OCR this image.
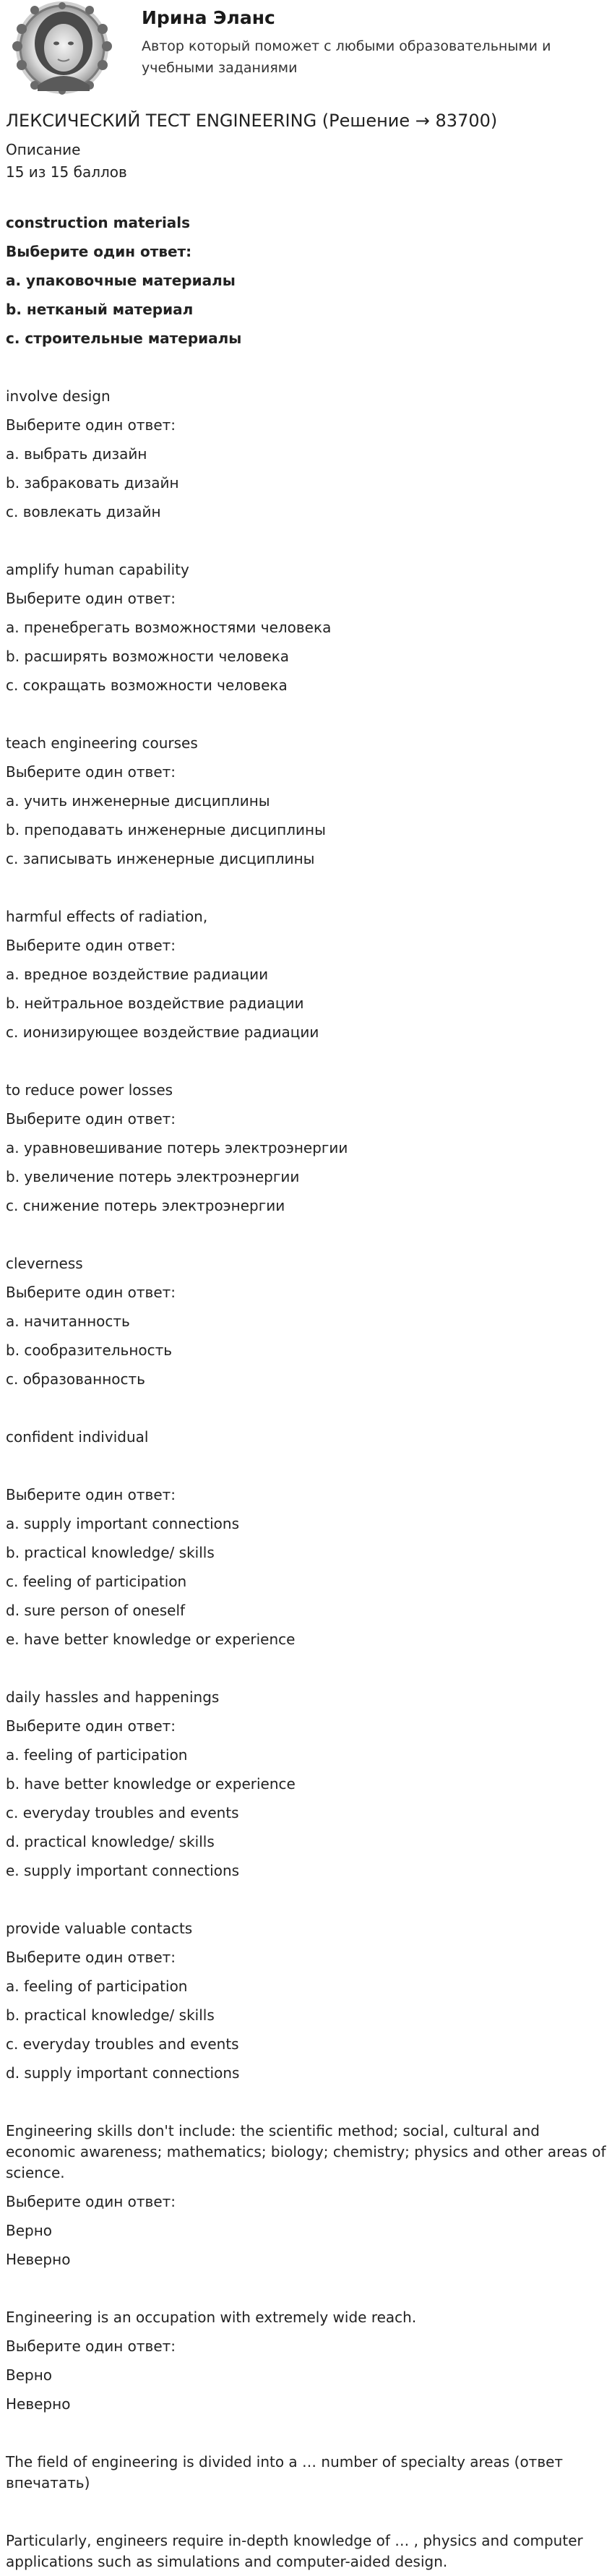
Ирина Эланс
Автор который поможет с любыми образовательными и учебными заданиями
ЛЕКСИЧЕСКИЙ ТЕСТ ENGINEERING (Решение → 83700)
Описание
15 из 15 баллов
construction materials
Выберите один ответ:
a. упаковочные материалы
b. нетканый материал
c. строительные материалы
involve design
Выберите один ответ:
a. выбрать дизайн
b. забраковать дизайн
c. вовлекать дизайн
amplify human capability
Выберите один ответ:
a. пренебрегать возможностями человека
b. расширять возможности человека
c. сокращать возможности человека
teach engineering courses
Выберите один ответ:
a. учить инженерные дисциплины
b. преподавать инженерные дисциплины
c. записывать инженерные дисциплины
harmful effects of radiation,
Выберите один ответ:
a. вредное воздействие радиации
b. нейтральное воздействие радиации
c. ионизирующее воздействие радиации
to reduce power losses
Выберите один ответ:
a. уравновешивание потерь электроэнергии
b. увеличение потерь электроэнергии
c. снижение потерь электроэнергии
cleverness
Выберите один ответ:
a. начитанность
b. сообразительность
c. образованность
confident individual
Выберите один ответ:
a. supply important connections
b. practical knowledge/ skills
c. feeling of participation
d. sure person of oneself
e. have better knowledge or experience
daily hassles and happenings
Выберите один ответ:
a. feeling of participation
b. have better knowledge or experience
c. everyday troubles and events
d. practical knowledge/ skills
e. supply important connections
provide valuable contacts
Выберите один ответ:
a. feeling of participation
b. practical knowledge/ skills
c. everyday troubles and events
d. supply important connections
Engineering skills don't include: the scientific method; social, cultural and economic awareness; mathematics; biology; chemistry; physics and other areas of science.
Выберите один ответ:
Верно
Неверно
Engineering is an occupation with extremely wide reach.
Выберите один ответ:
Верно
Неверно
The field of engineering is divided into a … number of specialty areas (ответ впечатать)
Particularly, engineers require in-depth knowledge of … , physics and computer applications such as simulations and computer-aided design.
